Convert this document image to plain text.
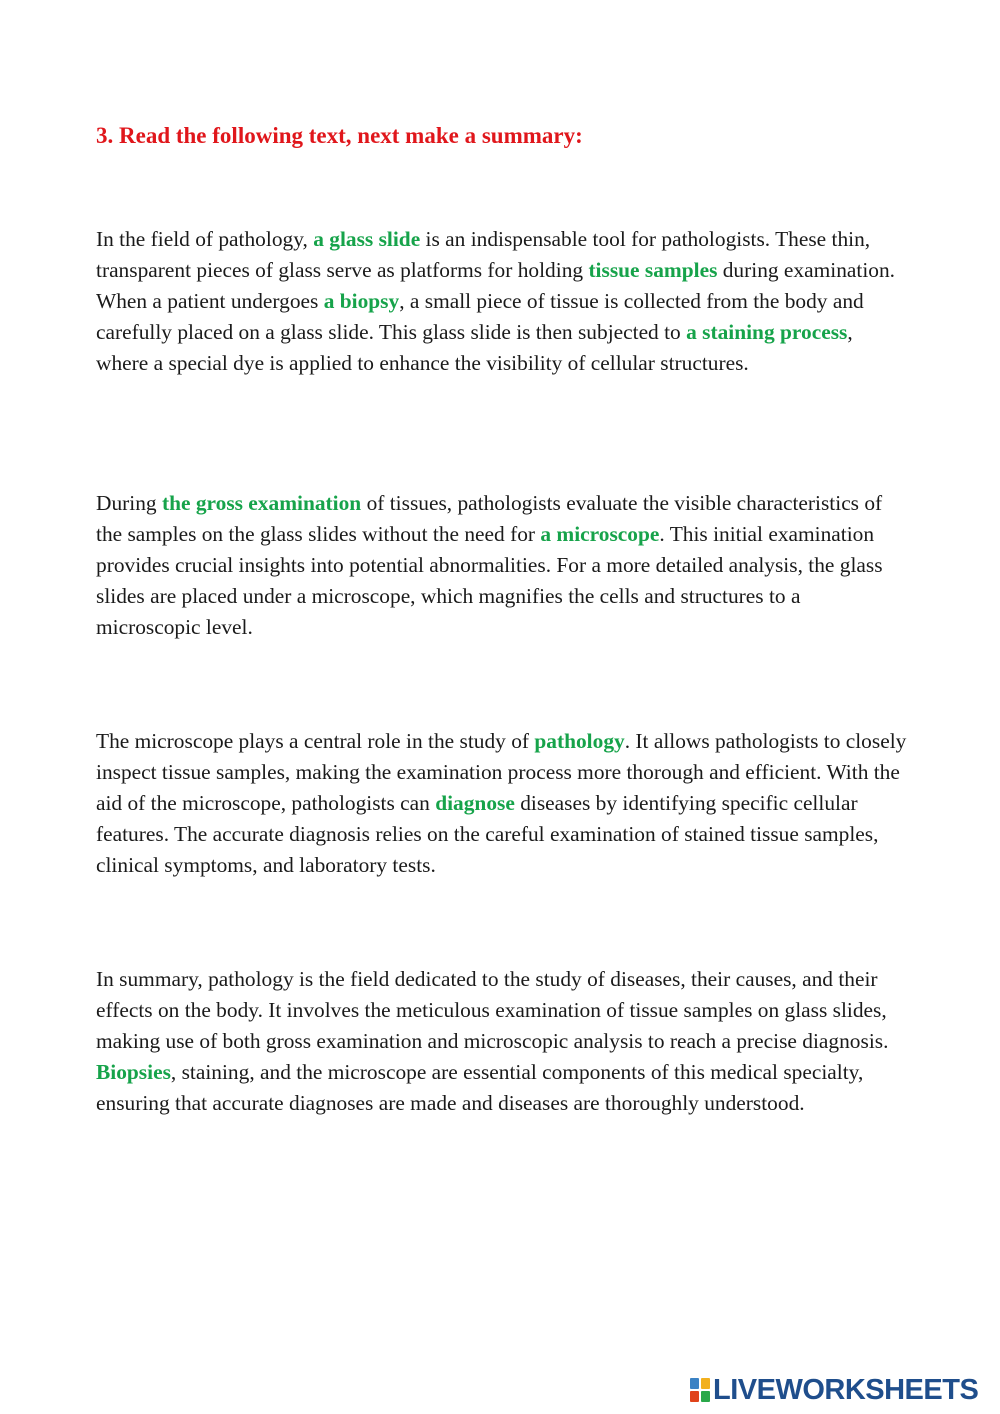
3. Read the following text, next make a summary:

In the field of pathology, a glass slide is an indispensable tool for pathologists. These thin, transparent pieces of glass serve as platforms for holding tissue samples during examination. When a patient undergoes a biopsy, a small piece of tissue is collected from the body and carefully placed on a glass slide. This glass slide is then subjected to a staining process, where a special dye is applied to enhance the visibility of cellular structures.

During the gross examination of tissues, pathologists evaluate the visible characteristics of the samples on the glass slides without the need for a microscope. This initial examination provides crucial insights into potential abnormalities. For a more detailed analysis, the glass slides are placed under a microscope, which magnifies the cells and structures to a microscopic level.

The microscope plays a central role in the study of pathology. It allows pathologists to closely inspect tissue samples, making the examination process more thorough and efficient. With the aid of the microscope, pathologists can diagnose diseases by identifying specific cellular features. The accurate diagnosis relies on the careful examination of stained tissue samples, clinical symptoms, and laboratory tests.

In summary, pathology is the field dedicated to the study of diseases, their causes, and their effects on the body. It involves the meticulous examination of tissue samples on glass slides, making use of both gross examination and microscopic analysis to reach a precise diagnosis. Biopsies, staining, and the microscope are essential components of this medical specialty, ensuring that accurate diagnoses are made and diseases are thoroughly understood.

LIVEWORKSHEETS
